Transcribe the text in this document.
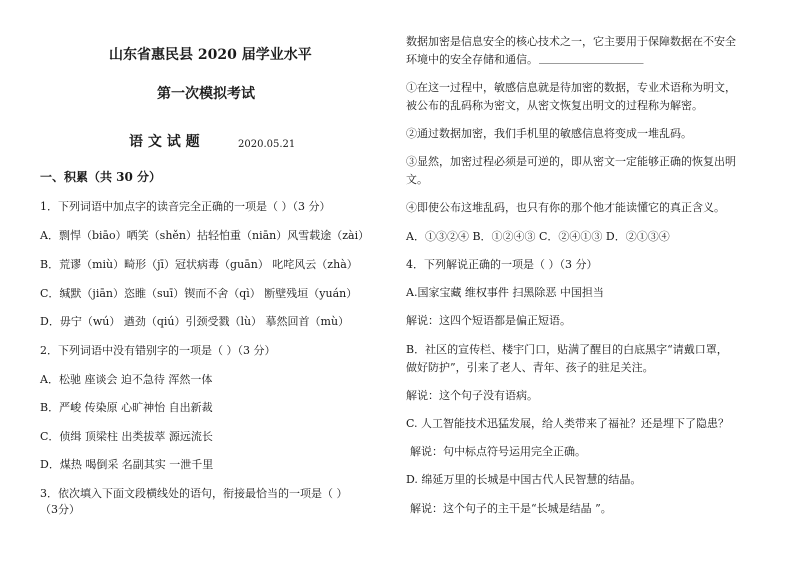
山东省惠民县 2020 届学业水平
第一次模拟考试
语 文 试 题	2020.05.21
一、积累（共 30 分）
1．下列词语中加点字的读音完全正确的一项是（ ）（3 分）
A．剽悍（biāo）哂笑（shěn）拈轻怕重（niān）风雪载途（zài）
B．荒谬（miù）畸形（jī）冠状病毒（guān） 叱咤风云（zhà）
C．缄默（jiān）恣睢（suī）锲而不舍（qì） 断壁残垣（yuán）
D．毋宁（wú） 遒劲（qiú）引颈受戮（lù） 摹然回首（mù）
2．下列词语中没有错别字的一项是（ ）（3 分）
A．松驰 座谈会 迫不急待 浑然一体
B．严峻 传染原 心旷神怡 自出新裁
C．侦缉 顶梁柱 出类拔萃 源远流长
D．煤热 喝倒采 名副其实 一泄千里
3．依次填入下面文段横线处的语句，衔接最恰当的一项是（ ）
（3分）
数据加密是信息安全的核心技术之一，它主要用于保障数据在不安全
环境中的安全存储和通信。 ___________________
①在这一过程中，敏感信息就是待加密的数据，专业术语称为明文，
被公布的乱码称为密文，从密文恢复出明文的过程称为解密。
②通过数据加密，我们手机里的敏感信息将变成一堆乱码。
③显然，加密过程必须是可逆的，即从密文一定能够正确的恢复出明
文。
④即使公布这堆乱码，也只有你的那个他才能读懂它的真正含义。
A．①③②④ B．①②④③ C．②④①③ D．②①③④
4．下列解说正确的一项是（ ）（3 分）
A.国家宝藏 维权事件 扫黑除恶 中国担当
解说：这四个短语都是偏正短语。
B．社区的宣传栏、楼宇门口，贴满了醒目的白底黑字“请戴口罩，
做好防护”，引来了老人、青年、孩子的驻足关注。
解说：这个句子没有语病。
C. 人工智能技术迅猛发展，给人类带来了福祉？还是埋下了隐患？
解说：句中标点符号运用完全正确。
D. 绵延万里的长城是中国古代人民智慧的结晶。
解说：这个句子的主干是“长城是结晶 ”。
